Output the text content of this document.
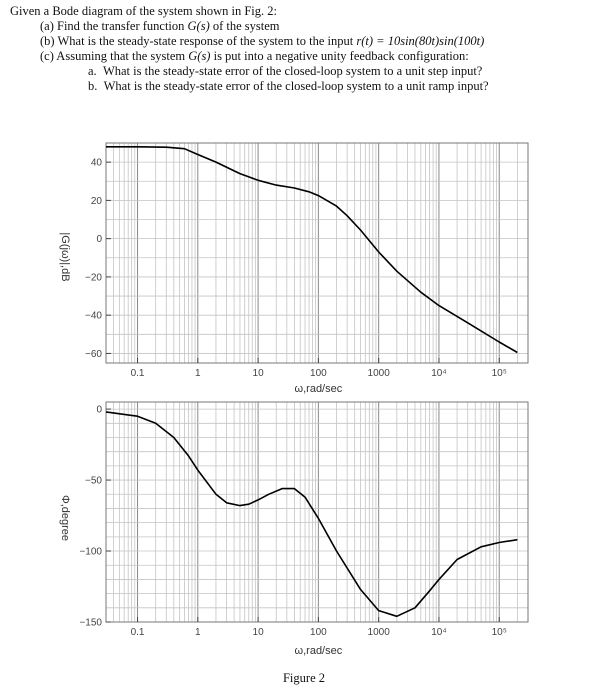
Given a Bode diagram of the system shown in Fig. 2:

(a) Find the transfer function G(s) of the system

(b) What is the steady-state response of the system to the input r(t) = 10sin(80t)sin(100t)

(c) Assuming that the system G(s) is put into a negative unity feedback configuration:

a. What is the steady-state error of the closed-loop system to a unit step input?

b. What is the steady-state error of the closed-loop system to a unit ramp input?

40
20
0
−20
−40
−60
0.1	1	10	100	1000	10⁴	10⁵
ω,rad/sec
|G(jω)|,dB
0
−50
−100
−150
0.1	1	10	100	1000	10⁴	10⁵
ω,rad/sec
Φ,degree
Figure 2
